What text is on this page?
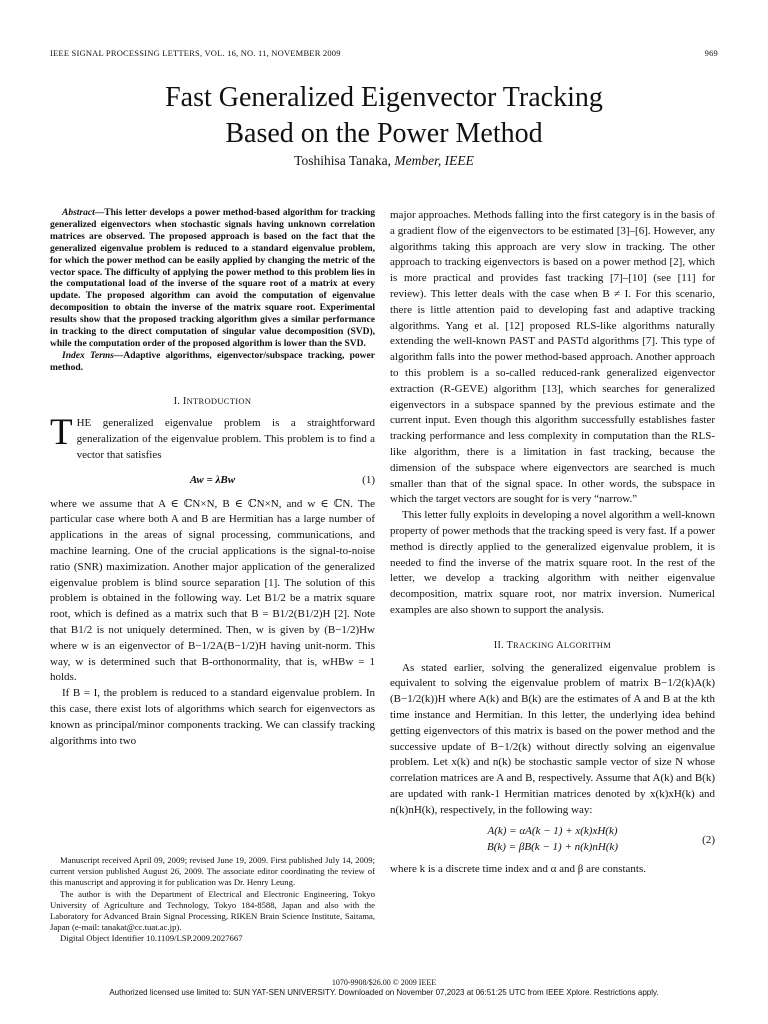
IEEE SIGNAL PROCESSING LETTERS, VOL. 16, NO. 11, NOVEMBER 2009	969
Fast Generalized Eigenvector Tracking
Based on the Power Method
Toshihisa Tanaka, Member, IEEE

Abstract—This letter develops a power method-based algorithm for tracking generalized eigenvectors when stochastic signals having unknown correlation matrices are observed. The proposed approach is based on the fact that the generalized eigenvalue problem is reduced to a standard eigenvalue problem, for which the power method can be easily applied by changing the metric of the vector space. The difficulty of applying the power method to this problem lies in the computational load of the inverse of the square root of a matrix at every update. The proposed algorithm can avoid the computation of eigenvalue decomposition to obtain the inverse of the matrix square root. Experimental results show that the proposed tracking algorithm gives a similar performance in tracking to the direct computation of singular value decomposition (SVD), while the computation order of the proposed algorithm is lower than the SVD.

Index Terms—Adaptive algorithms, eigenvector/subspace tracking, power method.

I. INTRODUCTION

THE generalized eigenvalue problem is a straightforward generalization of the eigenvalue problem. This problem is to find a vector that satisfies

Aw = λBw	(1)

where we assume that A ∈ ℂN×N, B ∈ ℂN×N, and w ∈ ℂN. The particular case where both A and B are Hermitian has a large number of applications in the areas of signal processing, communications, and machine learning. One of the crucial applications is the signal-to-noise ratio (SNR) maximization. Another major application of the generalized eigenvalue problem is blind source separation [1]. The solution of this problem is obtained in the following way. Let B1/2 be a matrix square root, which is defined as a matrix such that B = B1/2(B1/2)H [2]. Note that B1/2 is not uniquely determined. Then, w is given by (B−1/2)Hw where w is an eigenvector of B−1/2A(B−1/2)H having unit-norm. This way, w is determined such that B-orthonormality, that is, wHBw = 1 holds.

If B = I, the problem is reduced to a standard eigenvalue problem. In this case, there exist lots of algorithms which search for eigenvectors as known as principal/minor components tracking. We can classify tracking algorithms into two

Manuscript received April 09, 2009; revised June 19, 2009. First published July 14, 2009; current version published August 26, 2009. The associate editor coordinating the review of this manuscript and approving it for publication was Dr. Henry Leung.

The author is with the Department of Electrical and Electronic Engineering, Tokyo University of Agriculture and Technology, Tokyo 184-8588, Japan and also with the Laboratory for Advanced Brain Signal Processing, RIKEN Brain Science Institute, Saitama, Japan (e-mail: tanakat@cc.tuat.ac.jp).

Digital Object Identifier 10.1109/LSP.2009.2027667

major approaches. Methods falling into the first category is in the basis of a gradient flow of the eigenvectors to be estimated [3]–[6]. However, any algorithms taking this approach are very slow in tracking. The other approach to tracking eigenvectors is based on a power method [2], which is more practical and provides fast tracking [7]–[10] (see [11] for review). This letter deals with the case when B ≠ I. For this scenario, there is little attention paid to developing fast and adaptive tracking algorithms. Yang et al. [12] proposed RLS-like algorithms naturally extending the well-known PAST and PASTd algorithms [7]. This type of algorithm falls into the power method-based approach. Another approach to this problem is a so-called reduced-rank generalized eigenvector extraction (R-GEVE) algorithm [13], which searches for generalized eigenvectors in a subspace spanned by the previous estimate and the current input. Even though this algorithm successfully establishes faster tracking performance and less complexity in computation than the RLS-like algorithm, there is a limitation in fast tracking, because the dimension of the subspace where eigenvectors are searched is much smaller than that of the signal space. In other words, the subspace in which the target vectors are sought for is very “narrow.”

This letter fully exploits in developing a novel algorithm a well-known property of power methods that the tracking speed is very fast. If a power method is directly applied to the generalized eigenvalue problem, it is needed to find the inverse of the matrix square root. In the rest of the letter, we develop a tracking algorithm with neither eigenvalue decomposition, matrix square root, nor matrix inversion. Numerical examples are also shown to support the analysis.

II. TRACKING ALGORITHM

As stated earlier, solving the generalized eigenvalue problem is equivalent to solving the eigenvalue problem of matrix B−1/2(k)A(k)(B−1/2(k))H where A(k) and B(k) are the estimates of A and B at the kth time instance and Hermitian. In this letter, the underlying idea behind getting eigenvectors of this matrix is based on the power method and the successive update of B−1/2(k) without directly solving an eigenvalue problem. Let x(k) and n(k) be stochastic sample vector of size N whose correlation matrices are A and B, respectively. Assume that A(k) and B(k) are updated with rank-1 Hermitian matrices denoted by x(k)xH(k) and n(k)nH(k), respectively, in the following way:

A(k) = αA(k − 1) + x(k)xH(k)
B(k) = βB(k − 1) + n(k)nH(k)
(2)

where k is a discrete time index and α and β are constants.

1070-9908/$26.00 © 2009 IEEE
Authorized licensed use limited to: SUN YAT-SEN UNIVERSITY. Downloaded on November 07,2023 at 06:51:25 UTC from IEEE Xplore. Restrictions apply.
